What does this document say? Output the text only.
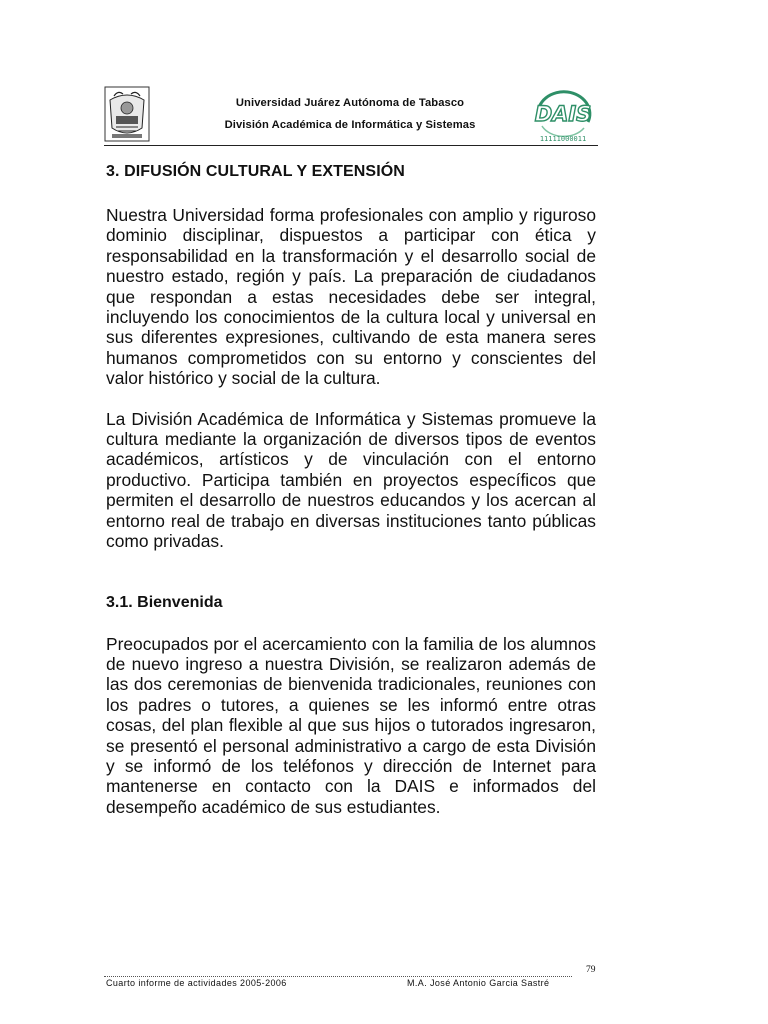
Universidad Juárez Autónoma de Tabasco
División Académica de Informática y Sistemas	DAIS
11111000011
3. DIFUSIÓN CULTURAL Y EXTENSIÓN

Nuestra Universidad forma profesionales con amplio y riguroso dominio disciplinar, dispuestos a participar con ética y responsabilidad en la transformación y el desarrollo social de nuestro estado, región y país. La preparación de ciudadanos que respondan a estas necesidades debe ser integral, incluyendo los conocimientos de la cultura local y universal en sus diferentes expresiones, cultivando de esta manera seres humanos comprometidos con su entorno y conscientes del valor histórico y social de la cultura.

La División Académica de Informática y Sistemas promueve la cultura mediante la organización de diversos tipos de eventos académicos, artísticos y de vinculación con el entorno productivo. Participa también en proyectos específicos que permiten el desarrollo de nuestros educandos y los acercan al entorno real de trabajo en diversas instituciones tanto públicas como privadas.

3.1. Bienvenida

Preocupados por el acercamiento con la familia de los alumnos de nuevo ingreso a nuestra División, se realizaron además de las dos ceremonias de bienvenida tradicionales, reuniones con los padres o tutores, a quienes se les informó entre otras cosas, del plan flexible al que sus hijos o tutorados ingresaron, se presentó el personal administrativo a cargo de esta División y se informó de los teléfonos y dirección de Internet para mantenerse en contacto con la DAIS e informados del desempeño académico de sus estudiantes.

79
Cuarto informe de actividades 2005-2006	M.A. José Antonio Garcia Sastré
